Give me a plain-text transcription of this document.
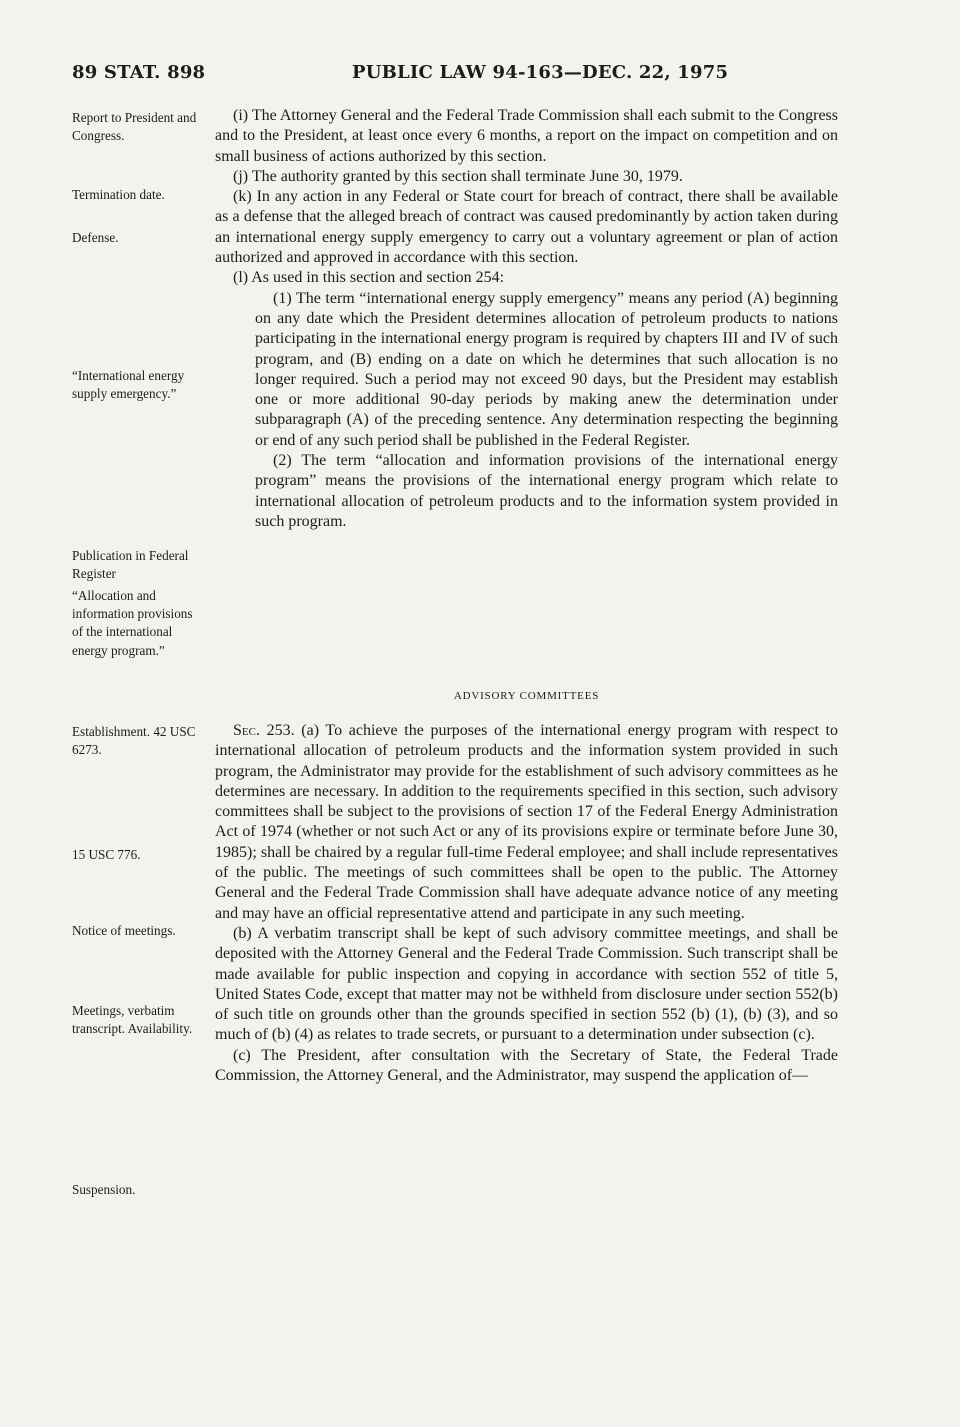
89 STAT. 898	PUBLIC LAW 94-163—DEC. 22, 1975
Report to President and Congress.
Termination date.
Defense.
“International energy supply emergency.”
Publication in Federal Register
“Allocation and information provisions of the international energy program.”
Establishment. 42 USC 6273.
15 USC 776.
Notice of meetings.
Meetings, verbatim transcript. Availability.
Suspension.

(i) The Attorney General and the Federal Trade Commission shall each submit to the Congress and to the President, at least once every 6 months, a report on the impact on competition and on small business of actions authorized by this section.

(j) The authority granted by this section shall terminate June 30, 1979.

(k) In any action in any Federal or State court for breach of contract, there shall be available as a defense that the alleged breach of contract was caused predominantly by action taken during an international energy supply emergency to carry out a voluntary agreement or plan of action authorized and approved in accordance with this section.

(l) As used in this section and section 254:

(1) The term “international energy supply emergency” means any period (A) beginning on any date which the President determines allocation of petroleum products to nations participating in the international energy program is required by chapters III and IV of such program, and (B) ending on a date on which he determines that such allocation is no longer required. Such a period may not exceed 90 days, but the President may establish one or more additional 90-day periods by making anew the determination under subparagraph (A) of the preceding sentence. Any determination respecting the beginning or end of any such period shall be published in the Federal Register.

(2) The term “allocation and information provisions of the international energy program” means the provisions of the international energy program which relate to international allocation of petroleum products and to the information system provided in such program.

ADVISORY COMMITTEES

Sec. 253. (a) To achieve the purposes of the international energy program with respect to international allocation of petroleum products and the information system provided in such program, the Administrator may provide for the establishment of such advisory committees as he determines are necessary. In addition to the requirements specified in this section, such advisory committees shall be subject to the provisions of section 17 of the Federal Energy Administration Act of 1974 (whether or not such Act or any of its provisions expire or terminate before June 30, 1985); shall be chaired by a regular full-time Federal employee; and shall include representatives of the public. The meetings of such committees shall be open to the public. The Attorney General and the Federal Trade Commission shall have adequate advance notice of any meeting and may have an official representative attend and participate in any such meeting.

(b) A verbatim transcript shall be kept of such advisory committee meetings, and shall be deposited with the Attorney General and the Federal Trade Commission. Such transcript shall be made available for public inspection and copying in accordance with section 552 of title 5, United States Code, except that matter may not be withheld from disclosure under section 552(b) of such title on grounds other than the grounds specified in section 552 (b) (1), (b) (3), and so much of (b) (4) as relates to trade secrets, or pursuant to a determination under subsection (c).

(c) The President, after consultation with the Secretary of State, the Federal Trade Commission, the Attorney General, and the Administrator, may suspend the application of—
